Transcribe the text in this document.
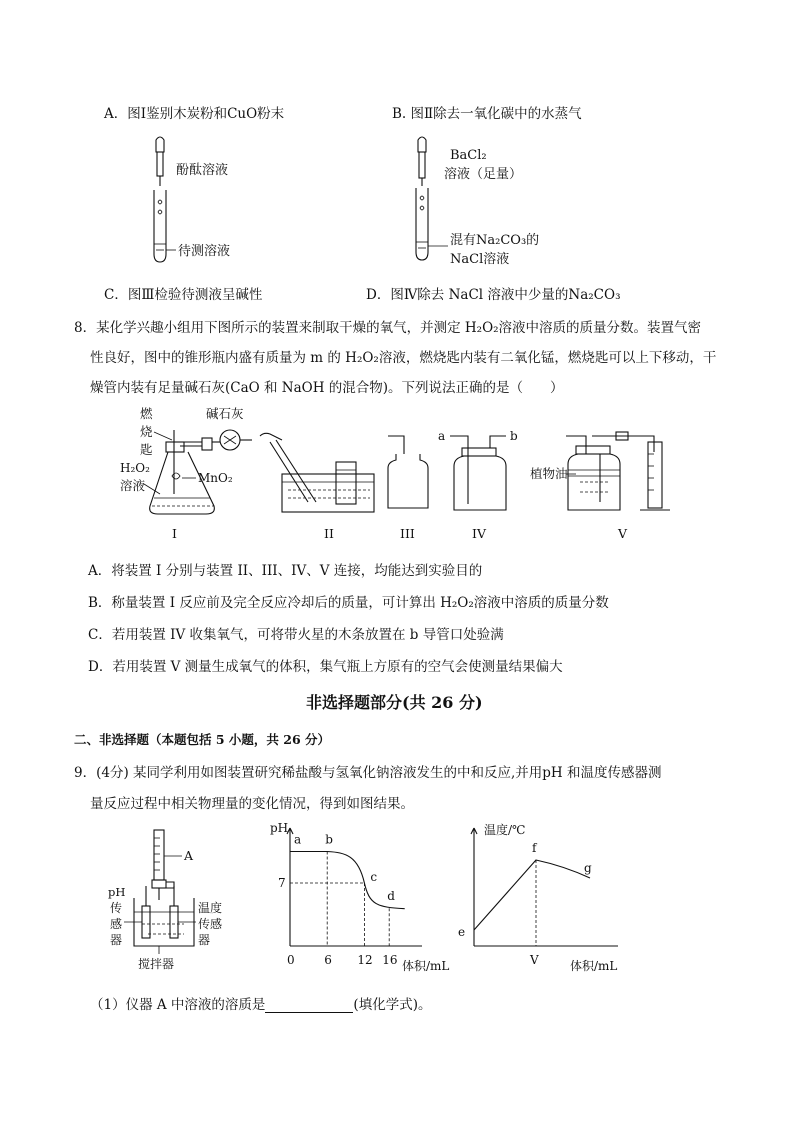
A．图Ⅰ鉴别木炭粉和CuO粉末	B. 图Ⅱ除去一氧化碳中的水蒸气
酚酞溶液
待测溶液
BaCl₂
溶液（足量）
混有Na₂CO₃的
NaCl溶液
C．图Ⅲ检验待测液呈碱性	D．图Ⅳ除去 NaCl 溶液中少量的Na₂CO₃
8．某化学兴趣小组用下图所示的装置来制取干燥的氧气，并测定 H₂O₂溶液中溶质的质量分数。装置气密
性良好，图中的锥形瓶内盛有质量为 m 的 H₂O₂溶液，燃烧匙内装有二氧化锰，燃烧匙可以上下移动，干
燥管内装有足量碱石灰(CaO 和 NaOH 的混合物)。下列说法正确的是（　　）
燃
烧
匙
碱石灰
H₂O₂
溶液	MnO₂
I	II	III
a	b
IV
植物油
V
A．将装置 I 分别与装置 II、III、IV、V 连接，均能达到实验目的
B．称量装置 I 反应前及完全反应冷却后的质量，可计算出 H₂O₂溶液中溶质的质量分数
C．若用装置 IV 收集氧气，可将带火星的木条放置在 b 导管口处验满
D．若用装置 V 测量生成氧气的体积，集气瓶上方原有的空气会使测量结果偏大
非选择题部分(共 26 分)
二、非选择题（本题包括 5 小题，共 26 分）
9．(4分) 某同学利用如图装置研究稀盐酸与氢氧化钠溶液发生的中和反应,并用pH 和温度传感器测
量反应过程中相关物理量的变化情况，得到如图结果。
A
pH
传
感
器
温度
传感
器
搅拌器
pH
体积/mL
0 6 12 16
7
a b
c
d
温度/℃
体积/mL
V
e
f
g
（1）仪器 A 中溶液的溶质是	(填化学式)。
